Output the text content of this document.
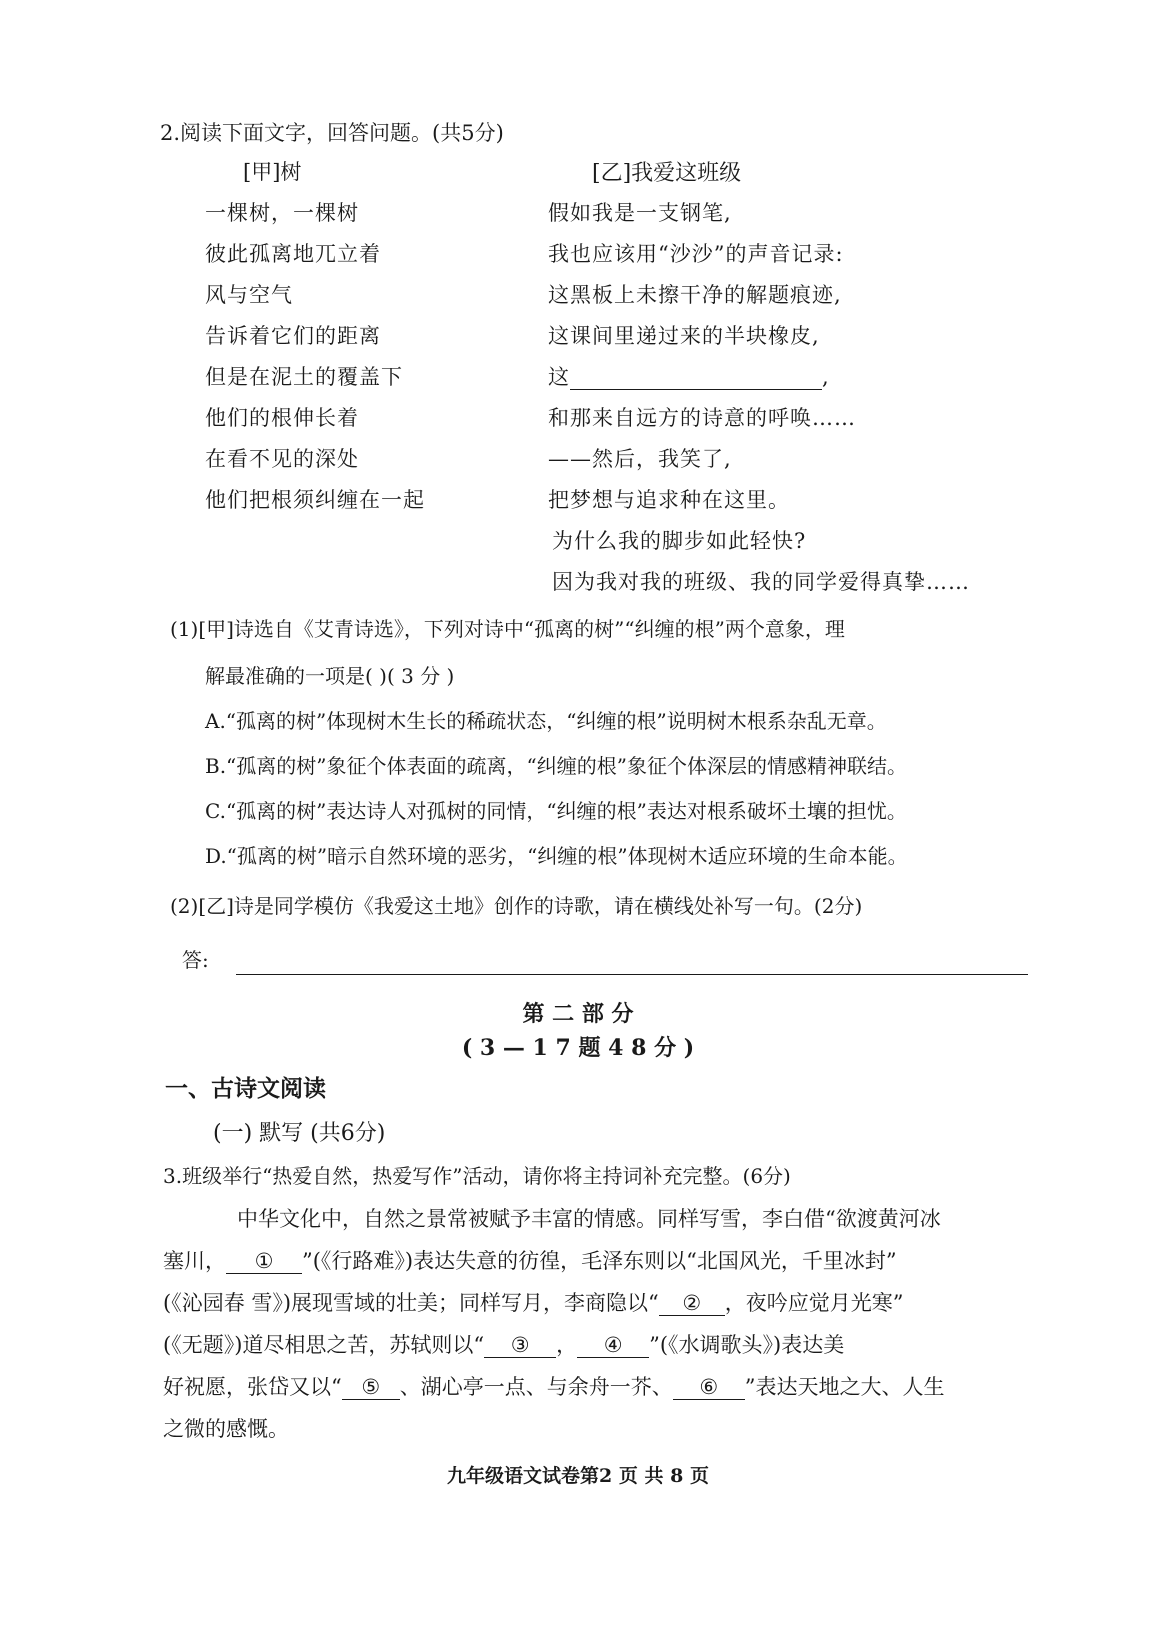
2.阅读下面文字，回答问题。(共5分)
[甲]树
一棵树，一棵树
彼此孤离地兀立着
风与空气
告诉着它们的距离
但是在泥土的覆盖下
他们的根伸长着
在看不见的深处
他们把根须纠缠在一起
[乙]我爱这班级
假如我是一支钢笔,
我也应该用“沙沙”的声音记录:
这黑板上未擦干净的解题痕迹,
这课间里递过来的半块橡皮,
这	,
和那来自远方的诗意的呼唤……
——然后，我笑了,
把梦想与追求种在这里。
为什么我的脚步如此轻快?
因为我对我的班级、我的同学爱得真挚……
(1)[甲]诗选自《艾青诗选》，下列对诗中“孤离的树”“纠缠的根”两个意象，理
解最准确的一项是( )( 3 分 )
A.“孤离的树”体现树木生长的稀疏状态，“纠缠的根”说明树木根系杂乱无章。
B.“孤离的树”象征个体表面的疏离，“纠缠的根”象征个体深层的情感精神联结。
C.“孤离的树”表达诗人对孤树的同情，“纠缠的根”表达对根系破坏土壤的担忧。
D.“孤离的树”暗示自然环境的恶劣，“纠缠的根”体现树木适应环境的生命本能。
(2)[乙]诗是同学模仿《我爱这土地》创作的诗歌，请在横线处补写一句。(2分)
答:
第 二 部 分
( 3 — 1 7 题 4 8 分 )
一、古诗文阅读
(一) 默写 (共6分)
3.班级举行“热爱自然，热爱写作”活动，请你将主持词补充完整。(6分)
中华文化中，自然之景常被赋予丰富的情感。同样写雪，李白借“欲渡黄河冰
塞川， ① ”(《行路难》)表达失意的彷徨，毛泽东则以“北国风光，千里冰封”
(《沁园春 雪》)展现雪域的壮美；同样写月，李商隐以“ ② ，夜吟应觉月光寒”
(《无题》)道尽相思之苦，苏轼则以“ ③ ， ④ ”(《水调歌头》)表达美
好祝愿，张岱又以“ ⑤ 、湖心亭一点、与余舟一芥、 ⑥ ”表达天地之大、人生
之微的感慨。
九年级语文试卷第2 页 共 8 页
